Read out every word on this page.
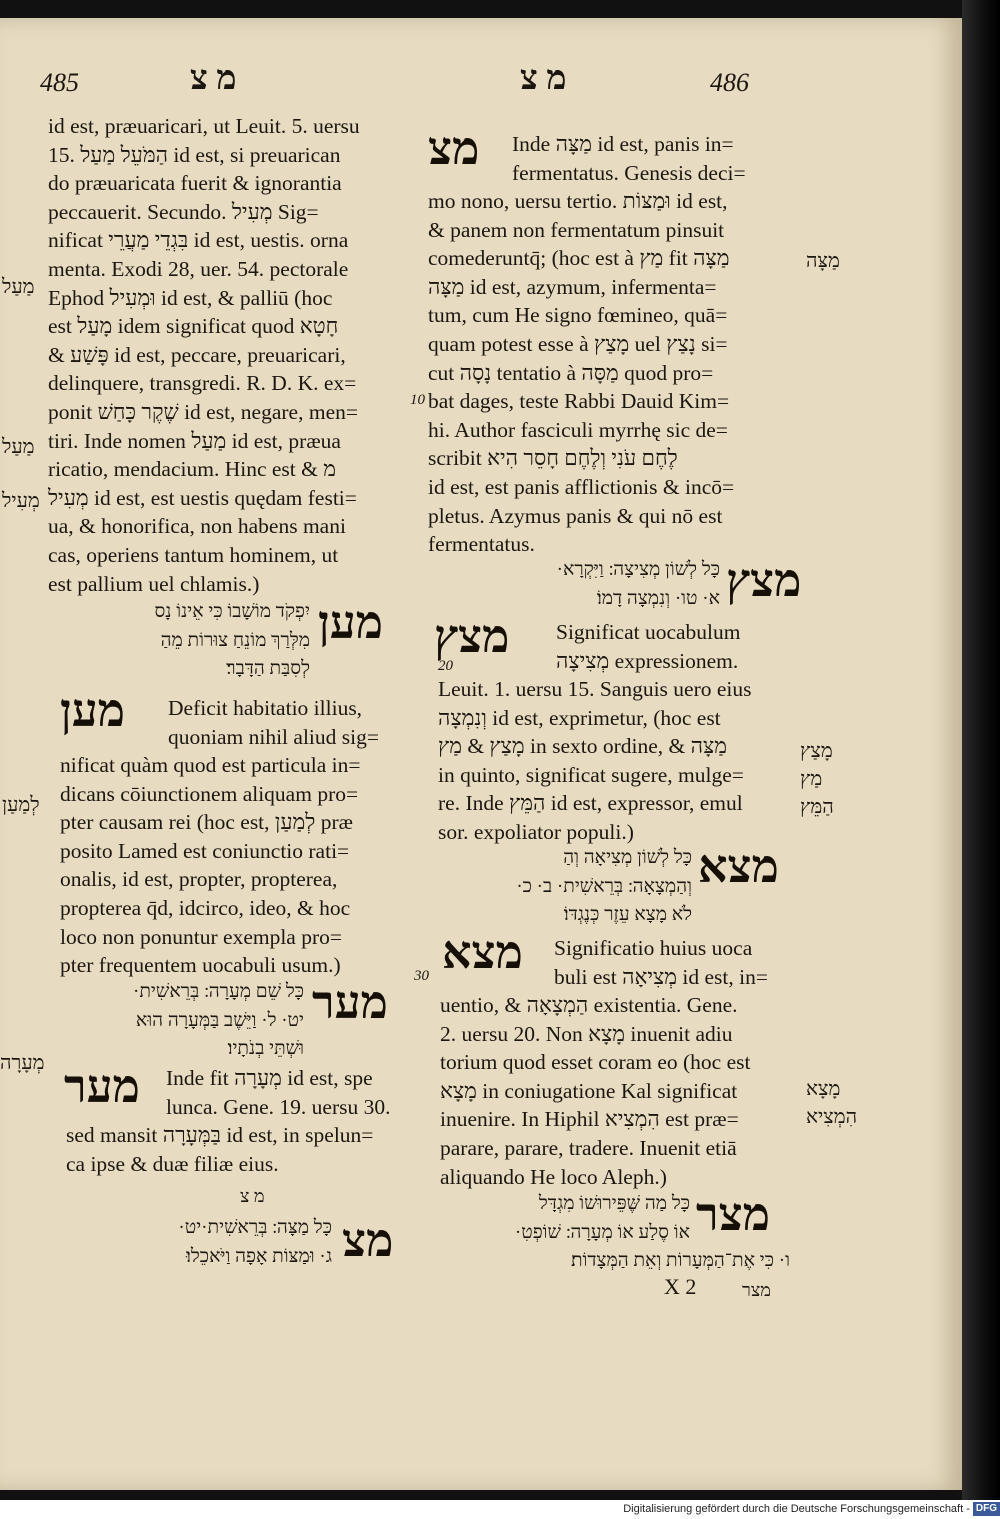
485	מ צ	מ צ	486
id est, præuaricari, ut Leuit. 5. uersu
15. הַמֹּעֵל מַעַל id est, si preuarican
do præuaricata fuerit & ignorantia
peccauerit. Secundo. מְעִיל Sig=
nificat בִּגְדֵי מַעֲרֵי id est, uestis. orna
menta. Exodi 28, uer. 54. pectorale
Ephod וּמְעִיל id est, & palliū (hoc
est מָעַל idem significat quod חָטָא
& פָּשַׁע id est, peccare, preuaricari,
delinquere, transgredi. R. D. K. ex=
ponit שֶׁקֶר כָּחַשׁ id est, negare, men=
tiri. Inde nomen מַעַל id est, præua
ricatio, mendacium. Hinc est & מ
מְעִיל id est, est uestis quędam festi=
ua, & honorifica, non habens mani
cas, operiens tantum hominem, ut
est pallium uel chlamis.)
מַעַל
מַעַל
מְעִיל
לְמַעַן
מְעָרָה
מען
יִפְקֹד מוֹשָׁבוֹ כִּי אֵינוֹ נָס
מִלְּרַךְ מוֹנֵחַ צוּרוֹת מֵהַ
לְסִבַּת הַדָּבָר׃	20
מען Deficit habitatio illius,
quoniam nihil aliud sig=
nificat quàm quod est particula in=
dicans cōiunctionem aliquam pro=
pter causam rei (hoc est, לְמַעַן præ
posito Lamed est coniunctio rati=
onalis, id est, propter, propterea,
propterea q̄d, idcirco, ideo, & hoc
loco non ponuntur exempla pro=
pter frequentem uocabuli usum.)	30
מער
כָּל שֵׁם מְעָרָה ׃ בְּרֵאשִׁית·
יט· ל· וַיֵּשֶׁב בַּמְּעָרָה הוּא
וּשְׁתֵּי בְנֹתָיו׃
מער Inde fit מְעָרָה id est, spe
lunca. Gene. 19. uersu 30.
sed mansit בַּמְּעָרָה id est, in spelun=
ca ipse & duæ filiæ eius.
מ צ
מצ
כָּל מַצָּה ׃ בְּרֵאשִׁית·יט·
ג· וּמַצּוֹת אָפָה וַיֹּאכֵלוּ׃
מצ Inde מַצָּה id est, panis in=
fermentatus. Genesis deci=
mo nono, uersu tertio. וּמַצּוֹת id est,
& panem non fermentatum pinsuit
comederuntq̄; (hoc est à מַץ fit מַצָּה
מַצָּה id est, azymum, infermenta=
tum, cum He signo fœmineo, quā=
quam potest esse à מָצַץ uel נָצַץ si=
cut נָסָה tentatio à מַסָּה quod pro=
bat dages, teste Rabbi Dauid Kim=
hi. Author fasciculi myrrhę sic de=
scribit לֶחֶם עֹנִי וְלֶחֶם חָסֵר הִיא
id est, est panis afflictionis & incō=
pletus. Azymus panis & qui nō est
fermentatus.
10
מַצָּה
מָצַץ
מַץ
הַמֵּץ
מָצָא
הִמְצִיא
מצץ
כָּל לְשׁוֹן מְצִיצָה ׃ וַיִּקְרָא·
א· טו· וְנִמְצָה דָמוֹ׃
מצץ Significat uocabulum
מְצִיצָה expressionem.
Leuit. 1. uersu 15. Sanguis uero eius
וְנִמְצָה id est, exprimetur, (hoc est
מָצַץ & מַץ in sexto ordine, & מַצָּה
in quinto, significat sugere, mulge=
re. Inde הַמֵּץ id est, expressor, emul
sor. expoliator populi.)
מצא
כָּל לְשׁוֹן מְצִיאָה וְהַ
וְהַמְצָאָה ׃ בְּרֵאשִׁית· ב· כ·
לֹא מָצָא עֵזֶר כְּנֶגְדּוֹ׃
מצא Significatio huius uoca
buli est מְצִיאָה id est, in=
uentio, & הַמְצָאָה existentia. Gene.
2. uersu 20. Non מָצָא inuenit adiu
torium quod esset coram eo (hoc est
מָצָא in coniugatione Kal significat
inuenire. In Hiphil הִמְצִיא est præ=
parare, parare, tradere. Inuenit etiā
aliquando He loco Aleph.)
מצר
כָּל מַה שֶּׁפֵּירוּשׁוֹ מִגְדָּל
אוֹ סֶלַע אוֹ מְעָרָה ׃ שׁוֹפְטִ·
ו· כִּי אֶת־הַמְּעָרוֹת וְאֵת הַמְּצָדוֹת׃
X 2	מצר
Digitalisierung gefördert durch die Deutsche Forschungsgemeinschaft - DFG
